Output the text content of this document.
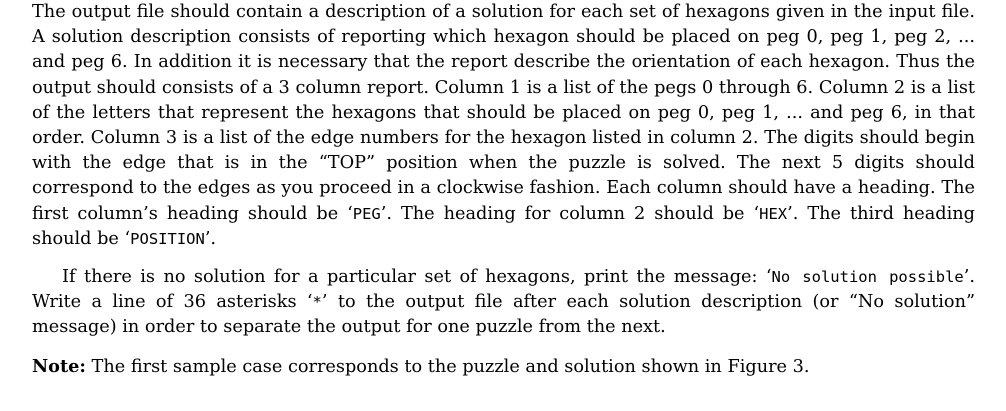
The output file should contain a description of a solution for each set of hexagons given in the input file. A solution description consists of reporting which hexagon should be placed on peg 0, peg 1, peg 2, ... and peg 6. In addition it is necessary that the report describe the orientation of each hexagon. Thus the output should consists of a 3 column report. Column 1 is a list of the pegs 0 through 6. Column 2 is a list of the letters that represent the hexagons that should be placed on peg 0, peg 1, ... and peg 6, in that order. Column 3 is a list of the edge numbers for the hexagon listed in column 2. The digits should begin with the edge that is in the “TOP” position when the puzzle is solved. The next 5 digits should correspond to the edges as you proceed in a clockwise fashion. Each column should have a heading. The first column’s heading should be ‘PEG’. The heading for column 2 should be ‘HEX’. The third heading should be ‘POSITION’.

If there is no solution for a particular set of hexagons, print the message: ‘No solution possible’. Write a line of 36 asterisks ‘*’ to the output file after each solution description (or “No solution” message) in order to separate the output for one puzzle from the next.

Note: The first sample case corresponds to the puzzle and solution shown in Figure 3.
